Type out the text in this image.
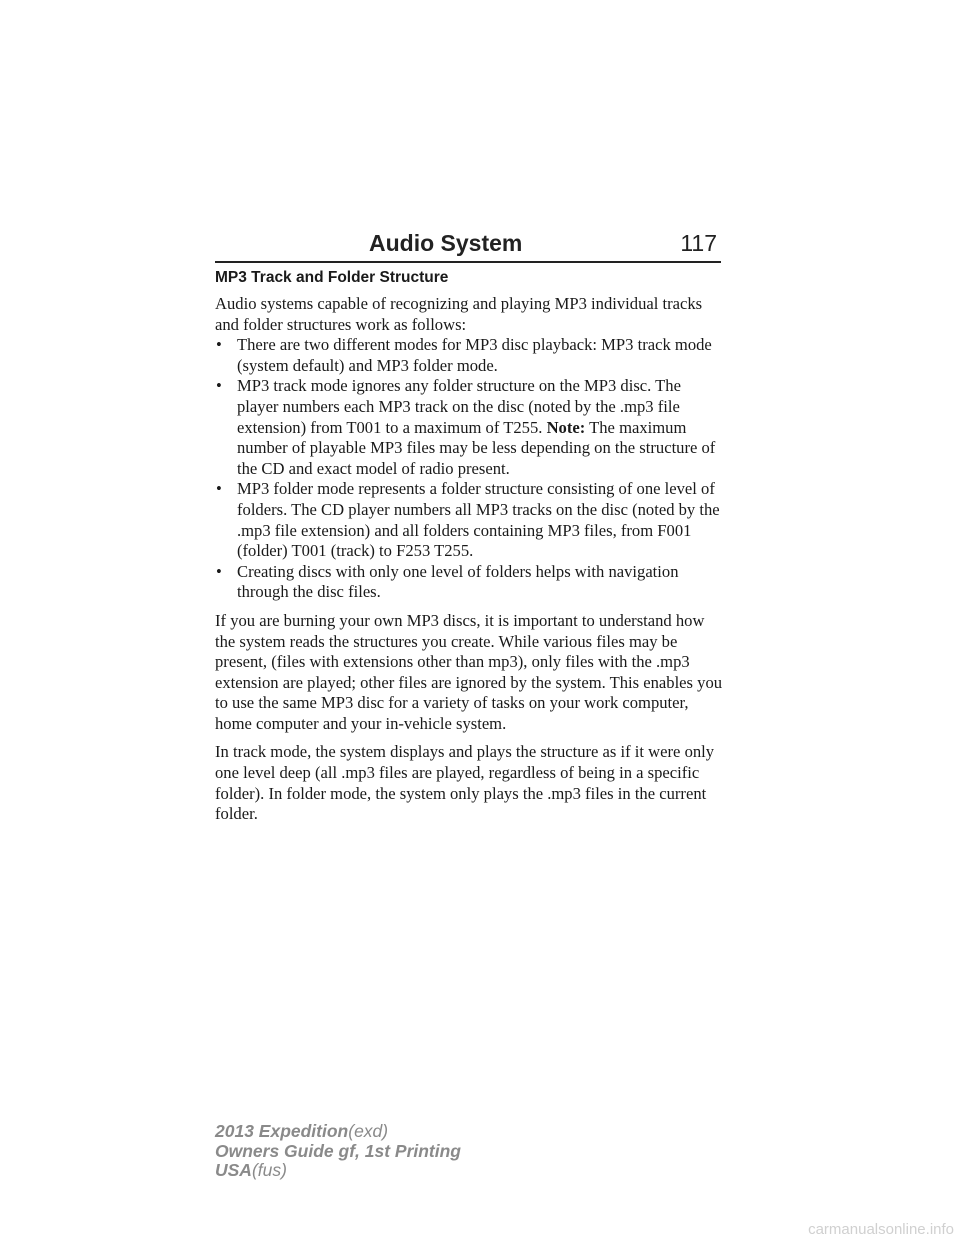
Audio System	117
MP3 Track and Folder Structure

Audio systems capable of recognizing and playing MP3 individual tracks and folder structures work as follows:

• There are two different modes for MP3 disc playback: MP3 track mode (system default) and MP3 folder mode.
• MP3 track mode ignores any folder structure on the MP3 disc. The player numbers each MP3 track on the disc (noted by the .mp3 file extension) from T001 to a maximum of T255. Note: The maximum number of playable MP3 files may be less depending on the structure of the CD and exact model of radio present.
• MP3 folder mode represents a folder structure consisting of one level of folders. The CD player numbers all MP3 tracks on the disc (noted by the .mp3 file extension) and all folders containing MP3 files, from F001 (folder) T001 (track) to F253 T255.
• Creating discs with only one level of folders helps with navigation through the disc files.

If you are burning your own MP3 discs, it is important to understand how the system reads the structures you create. While various files may be present, (files with extensions other than mp3), only files with the .mp3 extension are played; other files are ignored by the system. This enables you to use the same MP3 disc for a variety of tasks on your work computer, home computer and your in-vehicle system.

In track mode, the system displays and plays the structure as if it were only one level deep (all .mp3 files are played, regardless of being in a specific folder). In folder mode, the system only plays the .mp3 files in the current folder.

2013 Expedition(exd)
Owners Guide gf, 1st Printing
USA(fus)
carmanualsonline.info
